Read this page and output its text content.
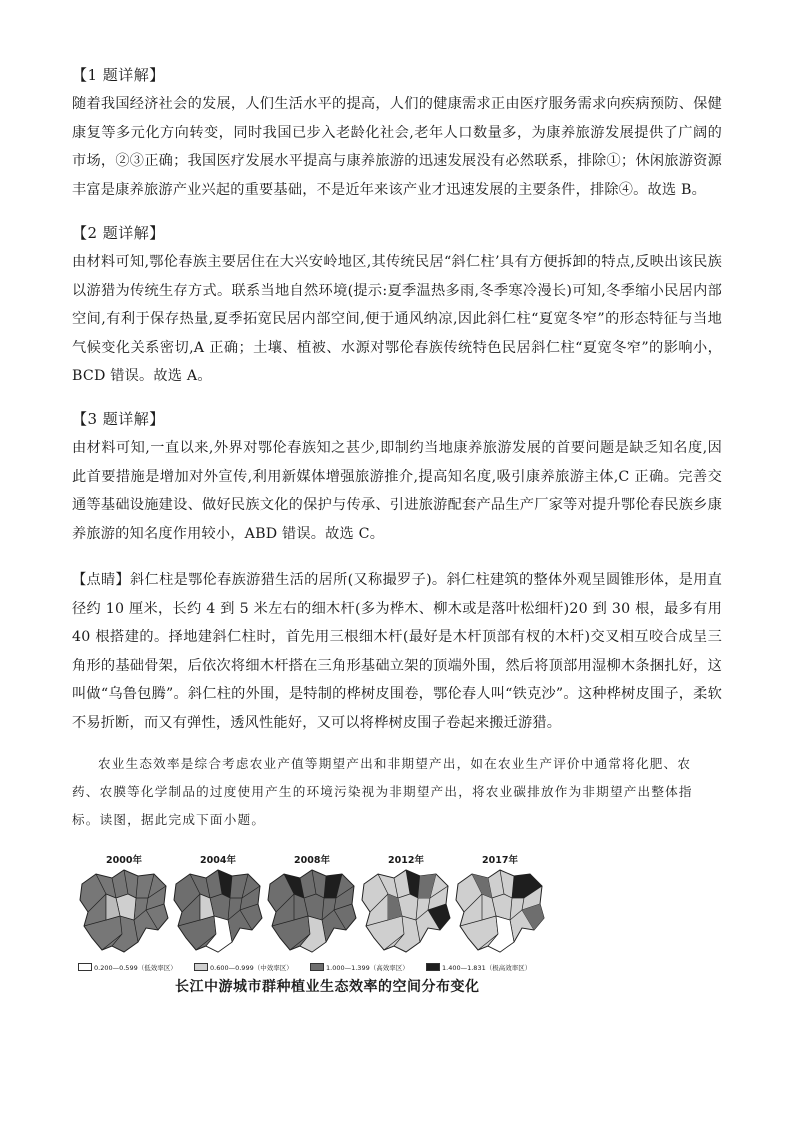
【1 题详解】
随着我国经济社会的发展，人们生活水平的提高，人们的健康需求正由医疗服务需求向疾病预防、保健康复等多元化方向转变，同时我国已步入老龄化社会,老年人口数量多，为康养旅游发展提供了广阔的市场，②③正确；我国医疗发展水平提高与康养旅游的迅速发展没有必然联系，排除①；休闲旅游资源丰富是康养旅游产业兴起的重要基础，不是近年来该产业才迅速发展的主要条件，排除④。故选 B。
【2 题详解】
由材料可知,鄂伦春族主要居住在大兴安岭地区,其传统民居“斜仁柱’具有方便拆卸的特点,反映出该民族以游猎为传统生存方式。联系当地自然环境(提示:夏季温热多雨,冬季寒冷漫长)可知,冬季缩小民居内部空间,有利于保存热量,夏季拓宽民居内部空间,便于通风纳凉,因此斜仁柱“夏宽冬窄”的形态特征与当地气候变化关系密切,A 正确；土壤、植被、水源对鄂伦春族传统特色民居斜仁柱“夏宽冬窄”的影响小，BCD 错误。故选 A。
【3 题详解】
由材料可知,一直以来,外界对鄂伦春族知之甚少,即制约当地康养旅游发展的首要问题是缺乏知名度,因此首要措施是增加对外宣传,利用新媒体增强旅游推介,提高知名度,吸引康养旅游主体,C 正确。完善交通等基础设施建设、做好民族文化的保护与传承、引进旅游配套产品生产厂家等对提升鄂伦春民族乡康养旅游的知名度作用较小，ABD 错误。故选 C。
【点睛】斜仁柱是鄂伦春族游猎生活的居所(又称撮罗子)。斜仁柱建筑的整体外观呈圆锥形体，是用直径约 10 厘米，长约 4 到 5 米左右的细木杆(多为桦木、柳木或是落叶松细杆)20 到 30 根，最多有用 40 根搭建的。择地建斜仁柱时，首先用三根细木杆(最好是木杆顶部有杈的木杆)交叉相互咬合成呈三角形的基础骨架，后依次将细木杆搭在三角形基础立架的顶端外围，然后将顶部用湿柳木条捆扎好，这叫做“乌鲁包腾”。斜仁柱的外围，是特制的桦树皮围卷，鄂伦春人叫“铁克沙”。这种桦树皮围子，柔软不易折断，而又有弹性，透风性能好，又可以将桦树皮围子卷起来搬迁游猎。
农业生态效率是综合考虑农业产值等期望产出和非期望产出，如在农业生产评价中通常将化肥、农药、农膜等化学制品的过度使用产生的环境污染视为非期望产出，将农业碳排放作为非期望产出整体指标。读图，据此完成下面小题。
2000年	2004年	2008年	2012年	2017年
0.200—0.599（低效率区）	0.600—0.999（中效率区）	1.000—1.399（高效率区）	1.400—1.831（极高效率区）
长江中游城市群种植业生态效率的空间分布变化
